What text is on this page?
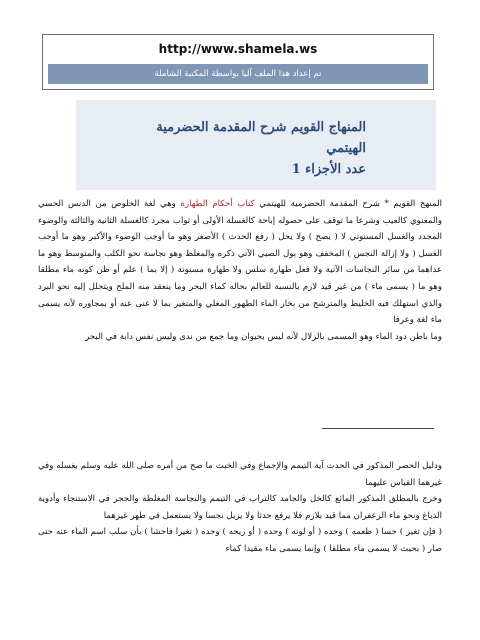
http://www.shamela.ws
تم إعداد هذا الملف آليا بواسطة المكتبة الشاملة
المنهاج القويم شرح المقدمة الحضرمية
الهيتمي
عدد الأجزاء 1

المنهج القويم * شرح المقدمة الحضرمية للهيتمي كتاب أحكام الطهارة وهي لغة الخلوص من الدنس الحسي والمعنوي كالعيب وشرعا ما توقف على حصوله إباحة كالغسلة الأولى أو ثواب مجرد كالغسلة الثانية والثالثة والوضوء المجدد والغسل المسنوني لا ( يصح ) ولا يحل ( رفع الحدث ) الأصغر وهو ما أوجب الوضوء والأكبر وهو ما أوجب الغسل ( ولا إزالة النجس ) المخفف وهو بول الصبي الآتي ذكره والمغلظ وهو نجاسة نحو الكلب والمتوسط وهو ما عداهما من سائر النجاسات الآتية ولا فعل طهارة سلس ولا طهارة مسنونة ( إلا بما ) علم أو ظن كونه ماء مطلقا وهو ما ( يسمى ماء ) من غير قيد لازم بالنسبة للعالم بحاله كماء البحر وما ينعقد منه الملح ويتحلل إليه نحو البرد والذي استهلك فيه الخليط والمترشح من بخار الماء الطهور المغلي والمتغير بما لا غنى عنه أو بمجاوره لأنه يسمى ماء لغة وعرفا

وما باطن دود الماء وهو المسمى بالزلال لأنه ليس بحيوان وما جمع من ندى وليس نفس دابة في البحر

ودليل الحصر المذكور في الحدث آية التيمم والإجماع وفي الخبث ما صح من أمره صلى الله عليه وسلم بغسله وفي غيرهما القياس عليهما

وخرج بالمطلق المذكور المائع كالخل والجامد كالتراب في التيمم والنجاسة المغلظة والحجر في الاستنجاء وأدوية الدباغ ونحو ماء الزعفران مما قيد بلازم فلا يرفع حدثا ولا يزيل نجسا ولا يستعمل في طهر غيرهما

( فإن تغير ) حسا ( طعمه ) وحده ( أو لونه ) وحده ( أو ريحه ) وحده ( تغيرا فاحشا ) بأن سلب اسم الماء عنه حتى صار ( بحيث لا يسمى ماء مطلقا ) وإنما يسمى ماء مقيدا كماء
